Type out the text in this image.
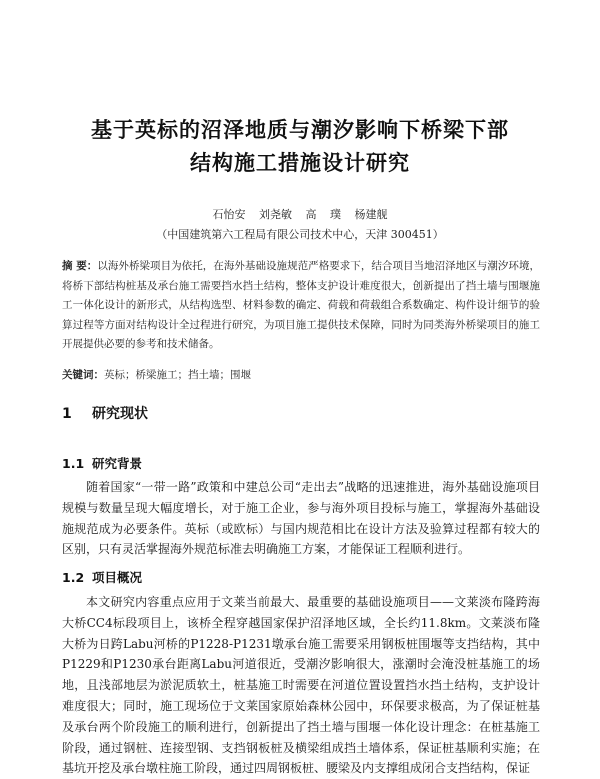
基于英标的沼泽地质与潮汐影响下桥梁下部
结构施工措施设计研究
石怡安 刘尧敏 高 璞 杨建舰
（中国建筑第六工程局有限公司技术中心，天津 300451）
摘 要：以海外桥梁项目为依托，在海外基础设施规范严格要求下，结合项目当地沼泽地区与潮汐环境，将桥下部结构桩基及承台施工需要挡水挡土结构，整体支护设计难度很大，创新提出了挡土墙与围堰施工一体化设计的新形式，从结构选型、材料参数的确定、荷载和荷载组合系数确定、构件设计细节的验算过程等方面对结构设计全过程进行研究，为项目施工提供技术保障，同时为同类海外桥梁项目的施工开展提供必要的参考和技术储备。
关键词：英标；桥梁施工；挡土墙；围堰
1 研究现状
1.1 研究背景
随着国家“一带一路”政策和中建总公司“走出去”战略的迅速推进，海外基础设施项目规模与数量呈现大幅度增长，对于施工企业，参与海外项目投标与施工，掌握海外基础设施规范成为必要条件。英标（或欧标）与国内规范相比在设计方法及验算过程都有较大的区别，只有灵活掌握海外规范标准去明确施工方案，才能保证工程顺利进行。
1.2 项目概况
本文研究内容重点应用于文莱当前最大、最重要的基础设施项目——文莱淡布隆跨海大桥CC4标段项目上，该桥全程穿越国家保护沼泽地区域，全长约11.8km。文莱淡布隆大桥为日跨Labu河桥的P1228-P1231墩承台施工需要采用钢板桩围堰等支挡结构，其中P1229和P1230承台距离Labu河道很近，受潮汐影响很大，涨潮时会淹没桩基施工的场地，且浅部地层为淤泥质软土，桩基施工时需要在河道位置设置挡水挡土结构，支护设计难度很大；同时，施工现场位于文莱国家原始森林公园中，环保要求极高，为了保证桩基及承台两个阶段施工的顺利进行，创新提出了挡土墙与围堰一体化设计理念：在桩基施工阶段，通过钢桩、连接型钢、支挡钢板桩及横梁组成挡土墙体系，保证桩基顺利实施；在基坑开挖及承台墩柱施工阶段，通过四周钢板桩、腰梁及内支撑组成闭合支挡结构，保证
